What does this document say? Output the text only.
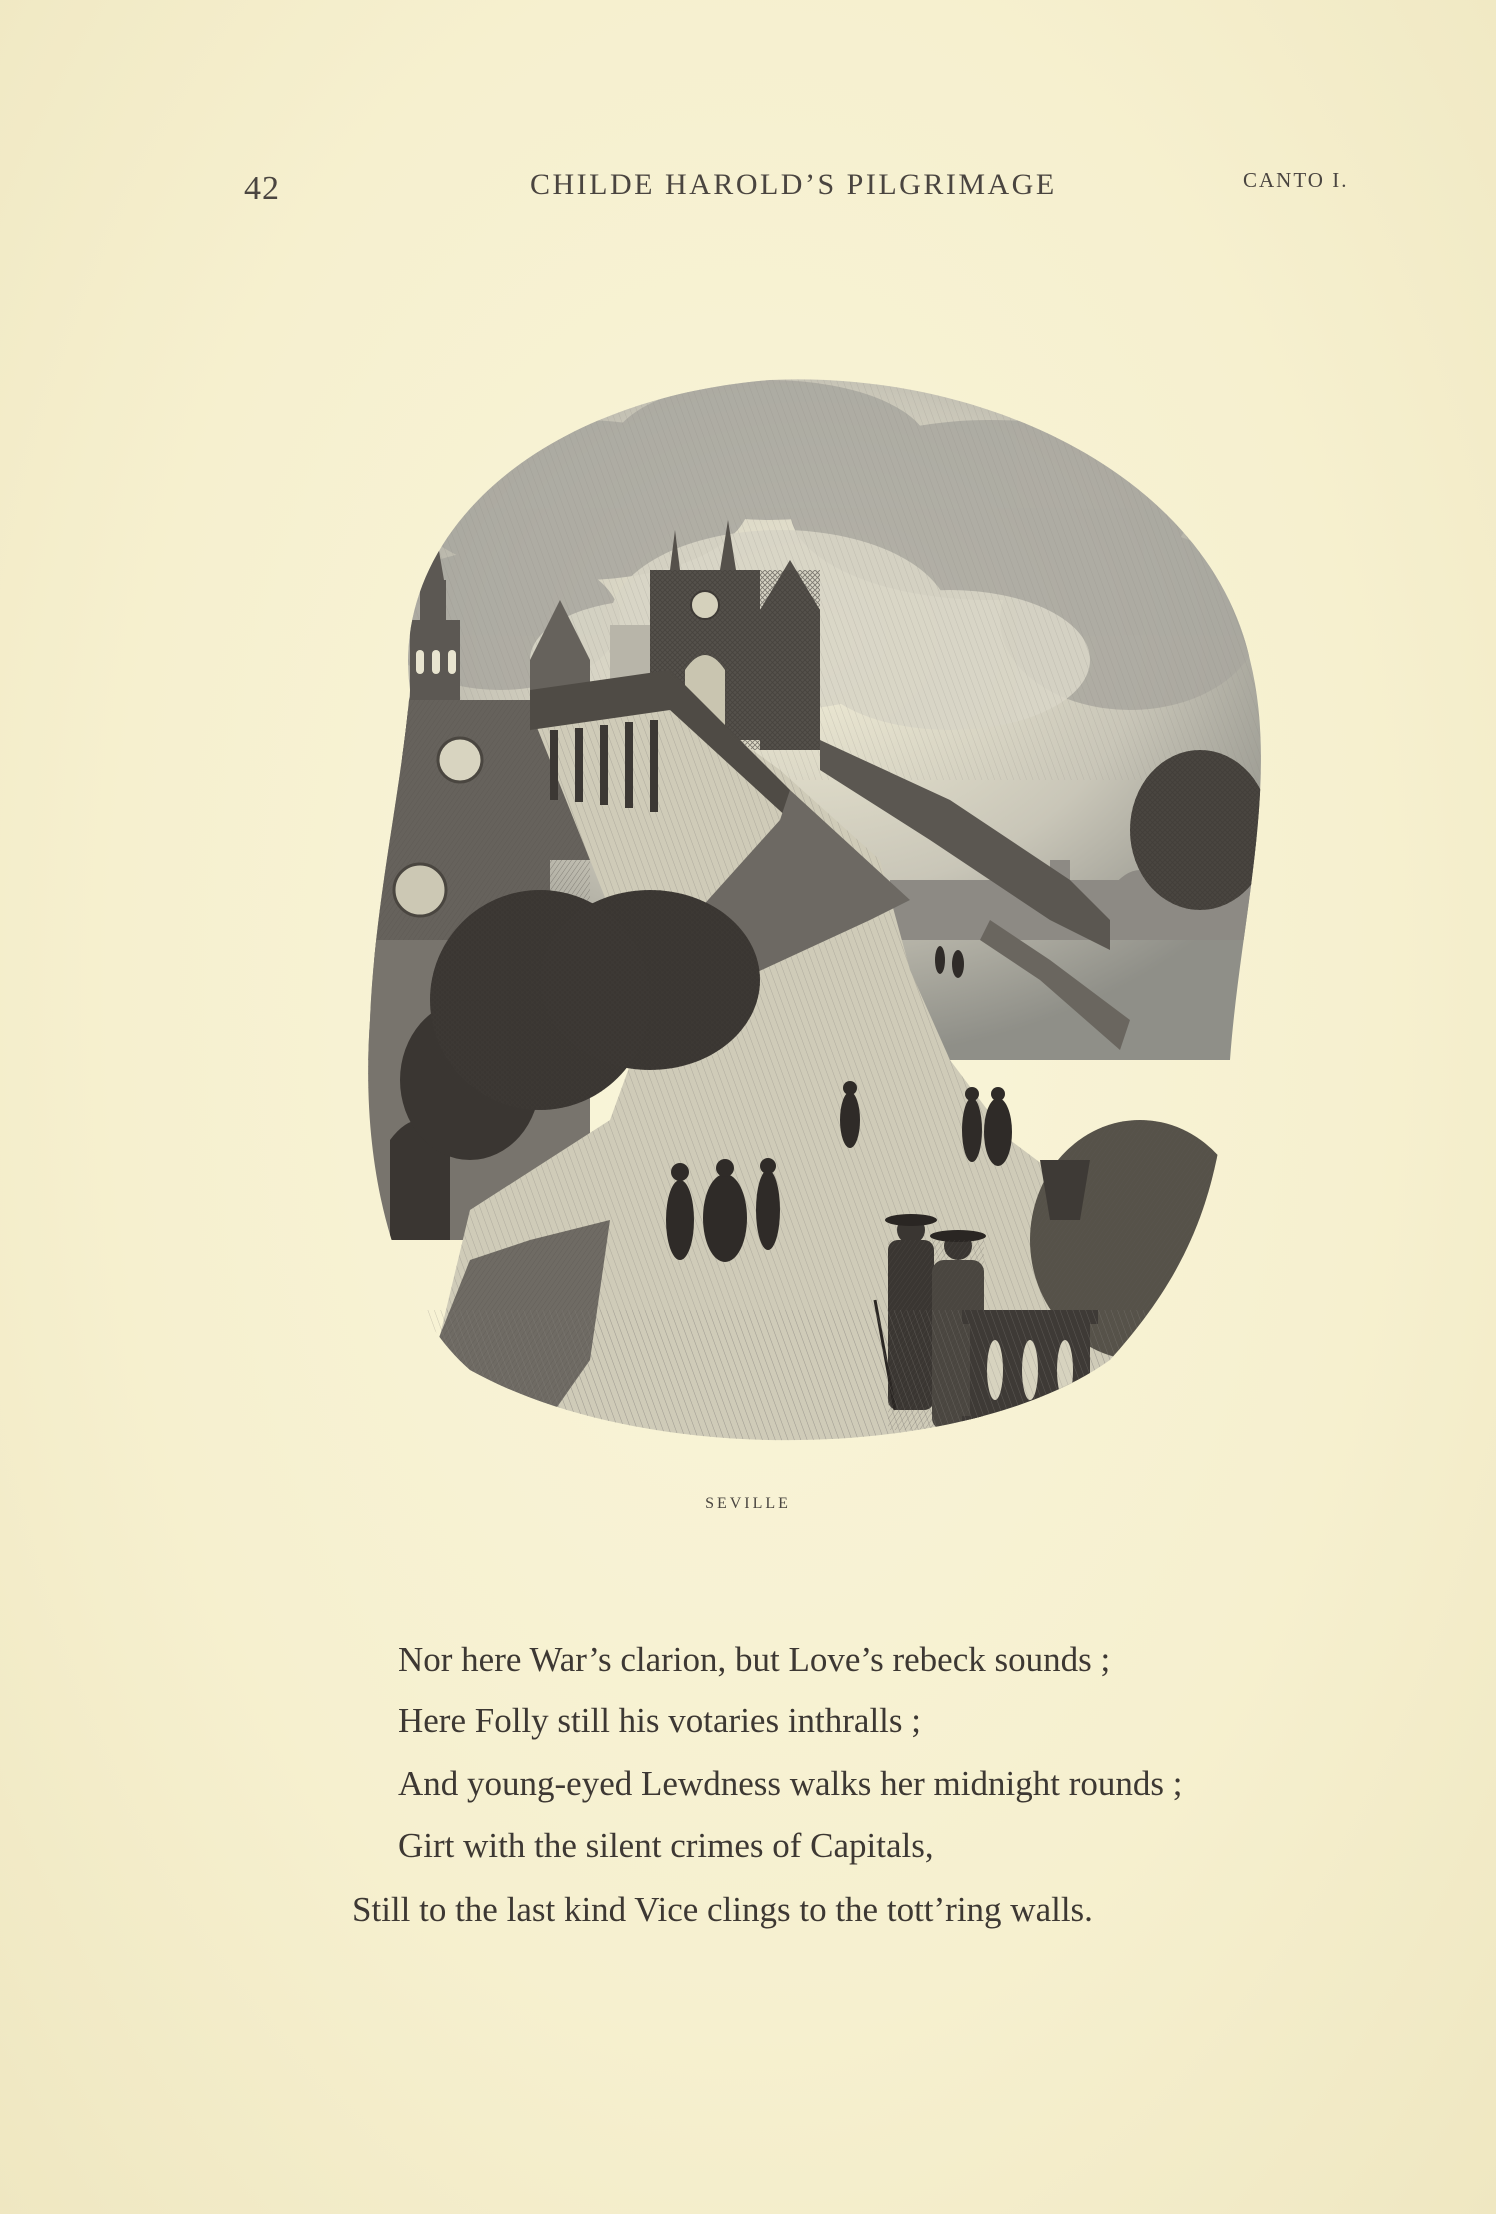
42	CHILDE HAROLD’S PILGRIMAGE	CANTO I.
SEVILLE
Nor here War’s clarion, but Love’s rebeck sounds ;
Here Folly still his votaries inthralls ;
And young-eyed Lewdness walks her midnight rounds ;
Girt with the silent crimes of Capitals,
Still to the last kind Vice clings to the tott’ring walls.
